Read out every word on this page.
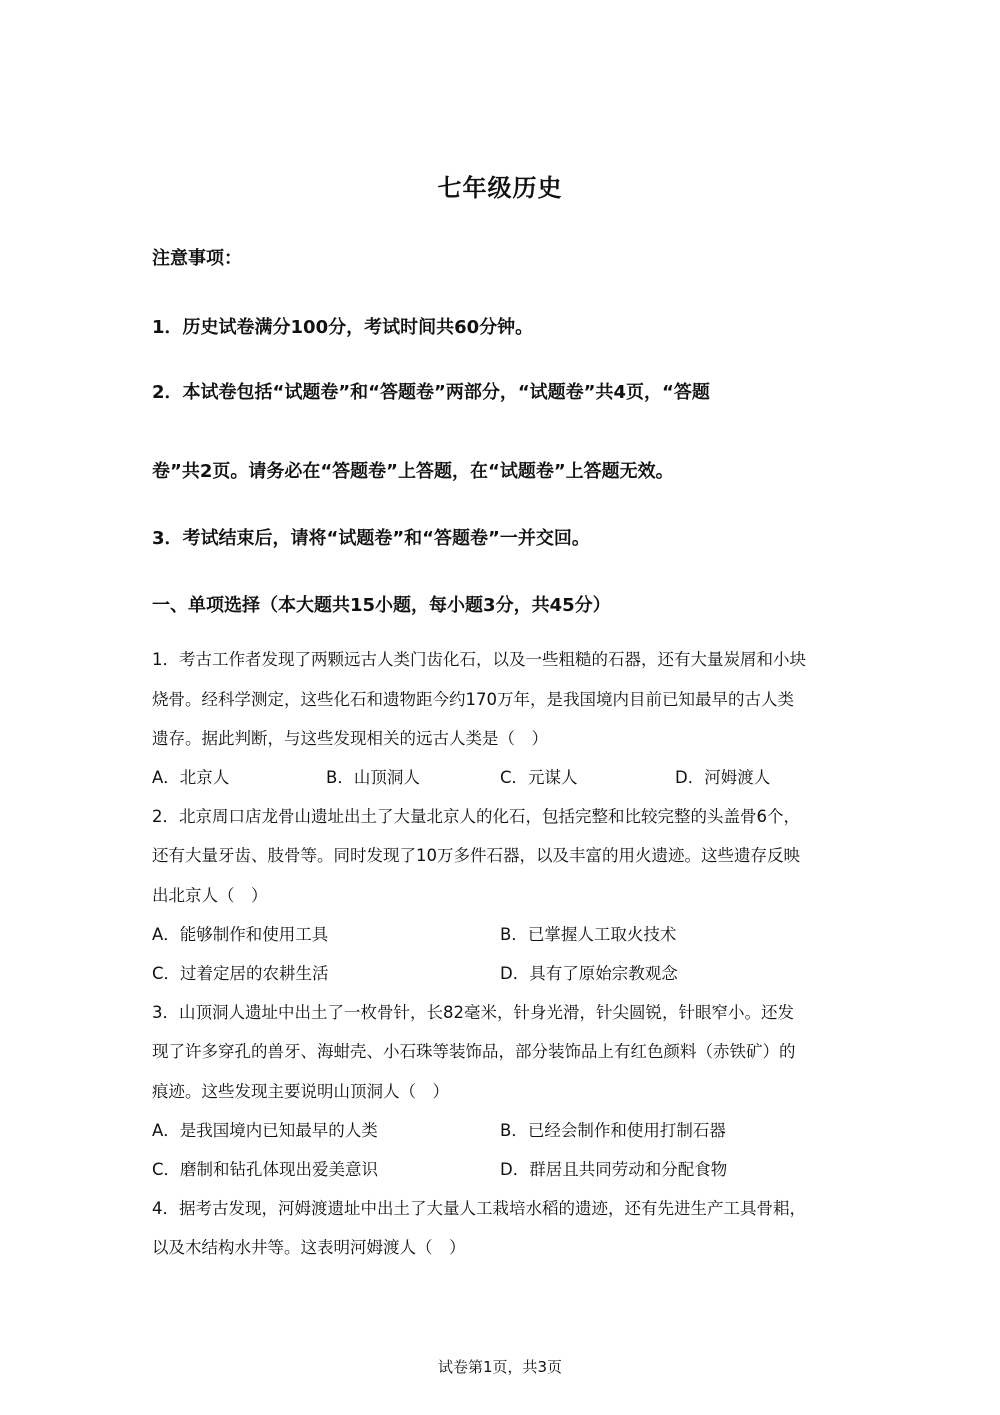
七年级历史
注意事项：
1．历史试卷满分100分，考试时间共60分钟。
2．本试卷包括“试题卷”和“答题卷”两部分，“试题卷”共4页，“答题
卷”共2页。请务必在“答题卷”上答题，在“试题卷”上答题无效。
3．考试结束后，请将“试题卷”和“答题卷”一并交回。
一、单项选择（本大题共15小题，每小题3分，共45分）
1．考古工作者发现了两颗远古人类门齿化石，以及一些粗糙的石器，还有大量炭屑和小块
烧骨。经科学测定，这些化石和遗物距今约170万年，是我国境内目前已知最早的古人类
遗存。据此判断，与这些发现相关的远古人类是（　）
A．北京人	B．山顶洞人	C．元谋人	D．河姆渡人
2．北京周口店龙骨山遗址出土了大量北京人的化石，包括完整和比较完整的头盖骨6个，
还有大量牙齿、肢骨等。同时发现了10万多件石器，以及丰富的用火遗迹。这些遗存反映
出北京人（　）
A．能够制作和使用工具	B．已掌握人工取火技术
C．过着定居的农耕生活	D．具有了原始宗教观念
3．山顶洞人遗址中出土了一枚骨针，长82毫米，针身光滑，针尖圆锐，针眼窄小。还发
现了许多穿孔的兽牙、海蚶壳、小石珠等装饰品，部分装饰品上有红色颜料（赤铁矿）的
痕迹。这些发现主要说明山顶洞人（　）
A．是我国境内已知最早的人类	B．已经会制作和使用打制石器
C．磨制和钻孔体现出爱美意识	D．群居且共同劳动和分配食物
4．据考古发现，河姆渡遗址中出土了大量人工栽培水稻的遗迹，还有先进生产工具骨耜，
以及木结构水井等。这表明河姆渡人（　）
试卷第1页，共3页
